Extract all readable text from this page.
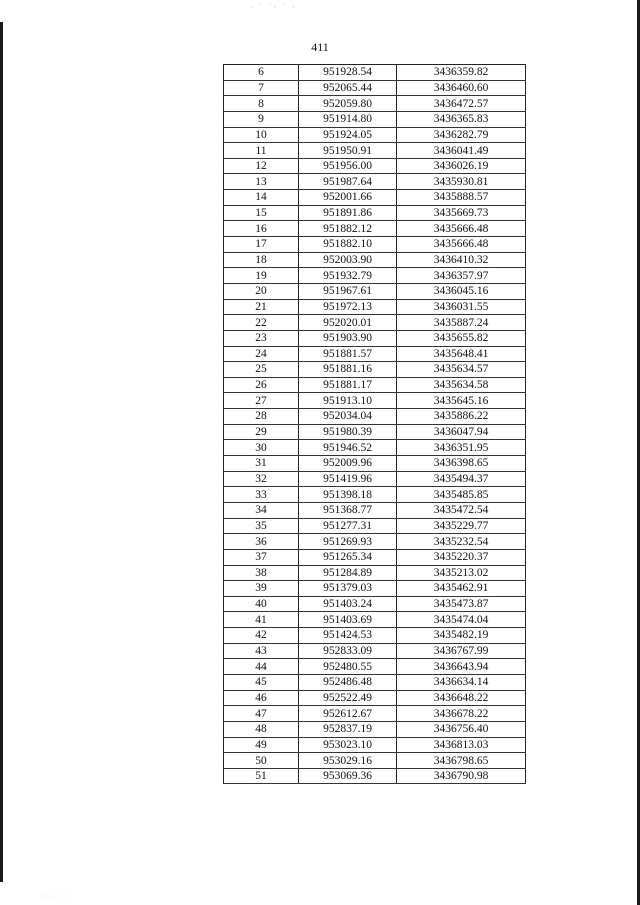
· ˙ ˙· ˙ ·
411
6	951928.54	3436359.82
7	952065.44	3436460.60
8	952059.80	3436472.57
9	951914.80	3436365.83
10	951924.05	3436282.79
11	951950.91	3436041.49
12	951956.00	3436026.19
13	951987.64	3435930.81
14	952001.66	3435888.57
15	951891.86	3435669.73
16	951882.12	3435666.48
17	951882.10	3435666.48
18	952003.90	3436410.32
19	951932.79	3436357.97
20	951967.61	3436045.16
21	951972.13	3436031.55
22	952020.01	3435887.24
23	951903.90	3435655.82
24	951881.57	3435648.41
25	951881.16	3435634.57
26	951881.17	3435634.58
27	951913.10	3435645.16
28	952034.04	3435886.22
29	951980.39	3436047.94
30	951946.52	3436351.95
31	952009.96	3436398.65
32	951419.96	3435494.37
33	951398.18	3435485.85
34	951368.77	3435472.54
35	951277.31	3435229.77
36	951269.93	3435232.54
37	951265.34	3435220.37
38	951284.89	3435213.02
39	951379.03	3435462.91
40	951403.24	3435473.87
41	951403.69	3435474.04
42	951424.53	3435482.19
43	952833.09	3436767.99
44	952480.55	3436643.94
45	952486.48	3436634.14
46	952522.49	3436648.22
47	952612.67	3436678.22
48	952837.19	3436756.40
49	953023.10	3436813.03
50	953029.16	3436798.65
51	953069.36	3436790.98
· · · · ·
